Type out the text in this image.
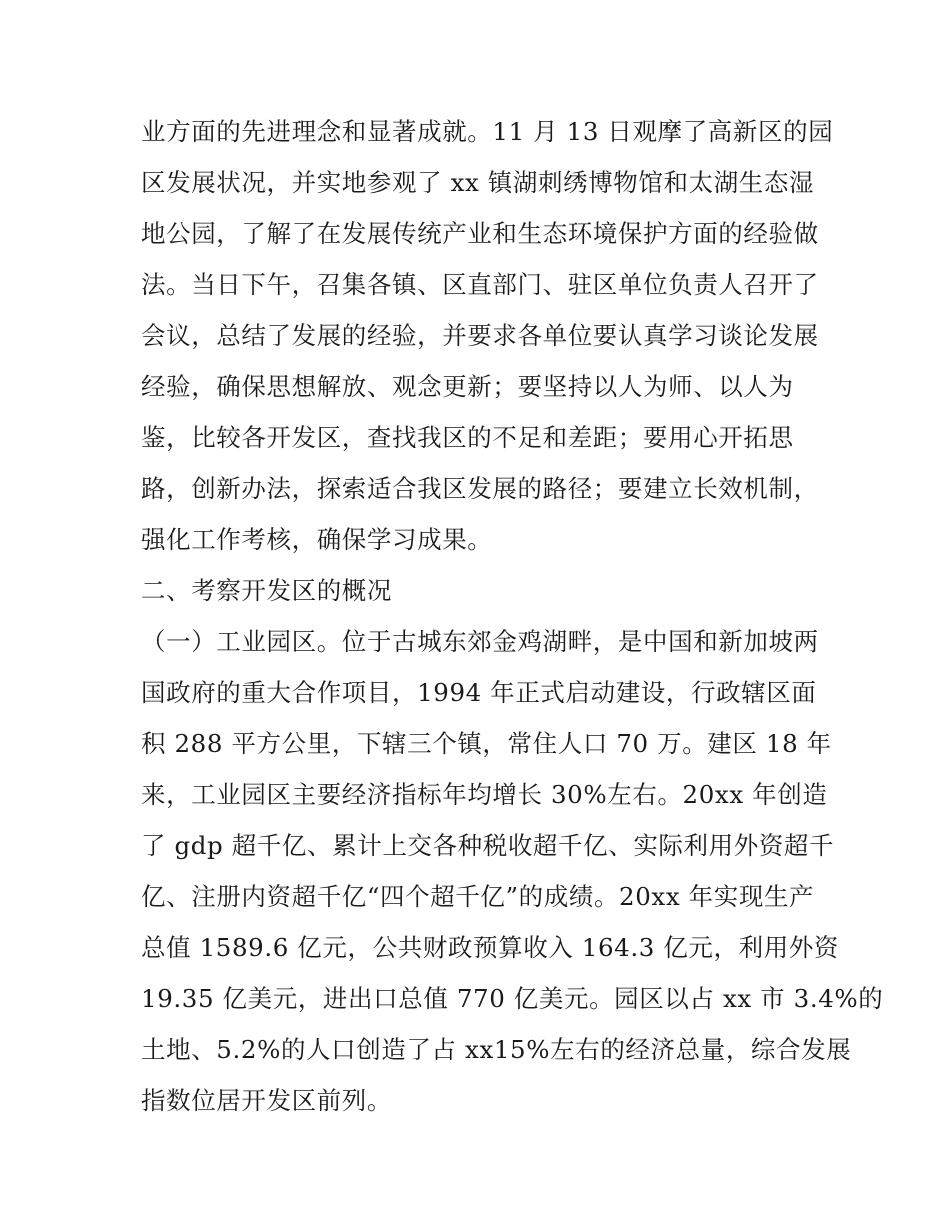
业方面的先进理念和显著成就。11 月 13 日观摩了高新区的园
区发展状况，并实地参观了 xx 镇湖刺绣博物馆和太湖生态湿
地公园，了解了在发展传统产业和生态环境保护方面的经验做
法。当日下午，召集各镇、区直部门、驻区单位负责人召开了
会议，总结了发展的经验，并要求各单位要认真学习谈论发展
经验，确保思想解放、观念更新；要坚持以人为师、以人为
鉴，比较各开发区，查找我区的不足和差距；要用心开拓思
路，创新办法，探索适合我区发展的路径；要建立长效机制，
强化工作考核，确保学习成果。
二、考察开发区的概况
（一）工业园区。位于古城东郊金鸡湖畔，是中国和新加坡两
国政府的重大合作项目，1994 年正式启动建设，行政辖区面
积 288 平方公里，下辖三个镇，常住人口 70 万。建区 18 年
来，工业园区主要经济指标年均增长 30%左右。20xx 年创造
了 gdp 超千亿、累计上交各种税收超千亿、实际利用外资超千
亿、注册内资超千亿“四个超千亿”的成绩。20xx 年实现生产
总值 1589.6 亿元，公共财政预算收入 164.3 亿元，利用外资
19.35 亿美元，进出口总值 770 亿美元。园区以占 xx 市 3.4%的
土地、5.2%的人口创造了占 xx15%左右的经济总量，综合发展
指数位居开发区前列。
